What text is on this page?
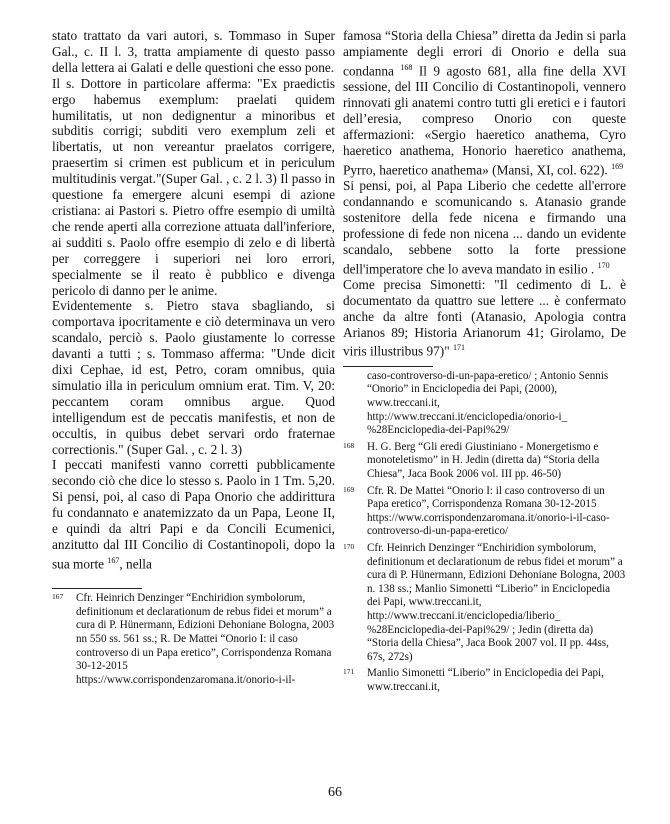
stato trattato da vari autori, s. Tommaso in Super Gal., c. II l. 3, tratta ampiamente di questo passo della lettera ai Galati e delle questioni che esso pone.

Il s. Dottore in particolare afferma: "Ex praedictis ergo habemus exemplum: praelati quidem humilitatis, ut non dedignentur a minoribus et subditis corrigi; subditi vero exemplum zeli et libertatis, ut non vereantur praelatos corrigere, praesertim si crimen est publicum et in periculum multitudinis vergat."(Super Gal. , c. 2 l. 3) Il passo in questione fa emergere alcuni esempi di azione cristiana: ai Pastori s. Pietro offre esempio di umiltà che rende aperti alla correzione attuata dall'inferiore, ai sudditi s. Paolo offre esempio di zelo e di libertà per correggere i superiori nei loro errori, specialmente se il reato è pubblico e divenga pericolo di danno per le anime.

Evidentemente s. Pietro stava sbagliando, si comportava ipocritamente e ciò determinava un vero scandalo, perciò s. Paolo giustamente lo corresse davanti a tutti ; s. Tommaso afferma: "Unde dicit dixi Cephae, id est, Petro, coram omnibus, quia simulatio illa in periculum omnium erat. Tim. V, 20: peccantem coram omnibus argue. Quod intelligendum est de peccatis manifestis, et non de occultis, in quibus debet servari ordo fraternae correctionis." (Super Gal. , c. 2 l. 3)

I peccati manifesti vanno corretti pubblicamente secondo ciò che dice lo stesso s. Paolo in 1 Tm. 5,20.

Si pensi, poi, al caso di Papa Onorio che addirittura fu condannato e anatemizzato da un Papa, Leone II, e quindi da altri Papi e da Concili Ecumenici, anzitutto dal III Concilio di Costantinopoli, dopo la sua morte $^{167}$, nella

167	Cfr. Heinrich Denzinger “Enchiridion symbolorum, definitionum et declarationum de rebus fidei et morum” a cura di P. Hünermann, Edizioni Dehoniane Bologna, 2003 nn 550 ss. 561 ss.; R. De Mattei “Onorio I: il caso controverso di un Papa eretico”, Corrispondenza Romana 30-12-2015
https://www.corrispondenzaromana.it/onorio-i-il-

famosa “Storia della Chiesa” diretta da Jedin si parla ampiamente degli errori di Onorio e della sua condanna $^{168}$ Il 9 agosto 681, alla fine della XVI sessione, del III Concilio di Costantinopoli, vennero rinnovati gli anatemi contro tutti gli eretici e i fautori dell’eresia, compreso Onorio con queste affermazioni: «Sergio haeretico anathema, Cyro haeretico anathema, Honorio haeretico anathema, Pyrro, haeretico anathema» (Mansi, XI, col. 622). $^{169}$

Si pensi, poi, al Papa Liberio che cedette all'errore condannando e scomunicando s. Atanasio grande sostenitore della fede nicena e firmando una professione di fede non nicena ... dando un evidente scandalo, sebbene sotto la forte pressione dell'imperatore che lo aveva mandato in esilio . $^{170}$

Come precisa Simonetti: "Il cedimento di L. è documentato da quattro sue lettere ... è confermato anche da altre fonti (Atanasio, Apologia contra Arianos 89; Historia Arianorum 41; Girolamo, De viris illustribus 97)" $^{171}$

caso-controverso-di-un-papa-eretico/ ; Antonio Sennis “Onorio” in Enciclopedia dei Papi, (2000), www.treccani.it,
http://www.treccani.it/enciclopedia/onorio-i_
%28Enciclopedia-dei-Papi%29/
168	H. G. Berg “Gli eredi Giustiniano - Monergetismo e monoteletismo” in H. Jedin (diretta da) “Storia della Chiesa”, Jaca Book 2006 vol. III pp. 46-50)
169	Cfr. R. De Mattei “Onorio I: il caso controverso di un Papa eretico”, Corrispondenza Romana 30-12-2015
https://www.corrispondenzaromana.it/onorio-i-il-caso-controverso-di-un-papa-eretico/
170	Cfr. Heinrich Denzinger “Enchiridion symbolorum, definitionum et declarationum de rebus fidei et morum” a cura di P. Hünermann, Edizioni Dehoniane Bologna, 2003 n. 138 ss.; Manlio Simonetti “Liberio” in Enciclopedia dei Papi, www.treccani.it,
http://www.treccani.it/enciclopedia/liberio_
%28Enciclopedia-dei-Papi%29/ ; Jedin (diretta da) “Storia della Chiesa”, Jaca Book 2007 vol. II pp. 44ss, 67s, 272s)
171	Manlio Simonetti “Liberio” in Enciclopedia dei Papi, www.treccani.it,
66
